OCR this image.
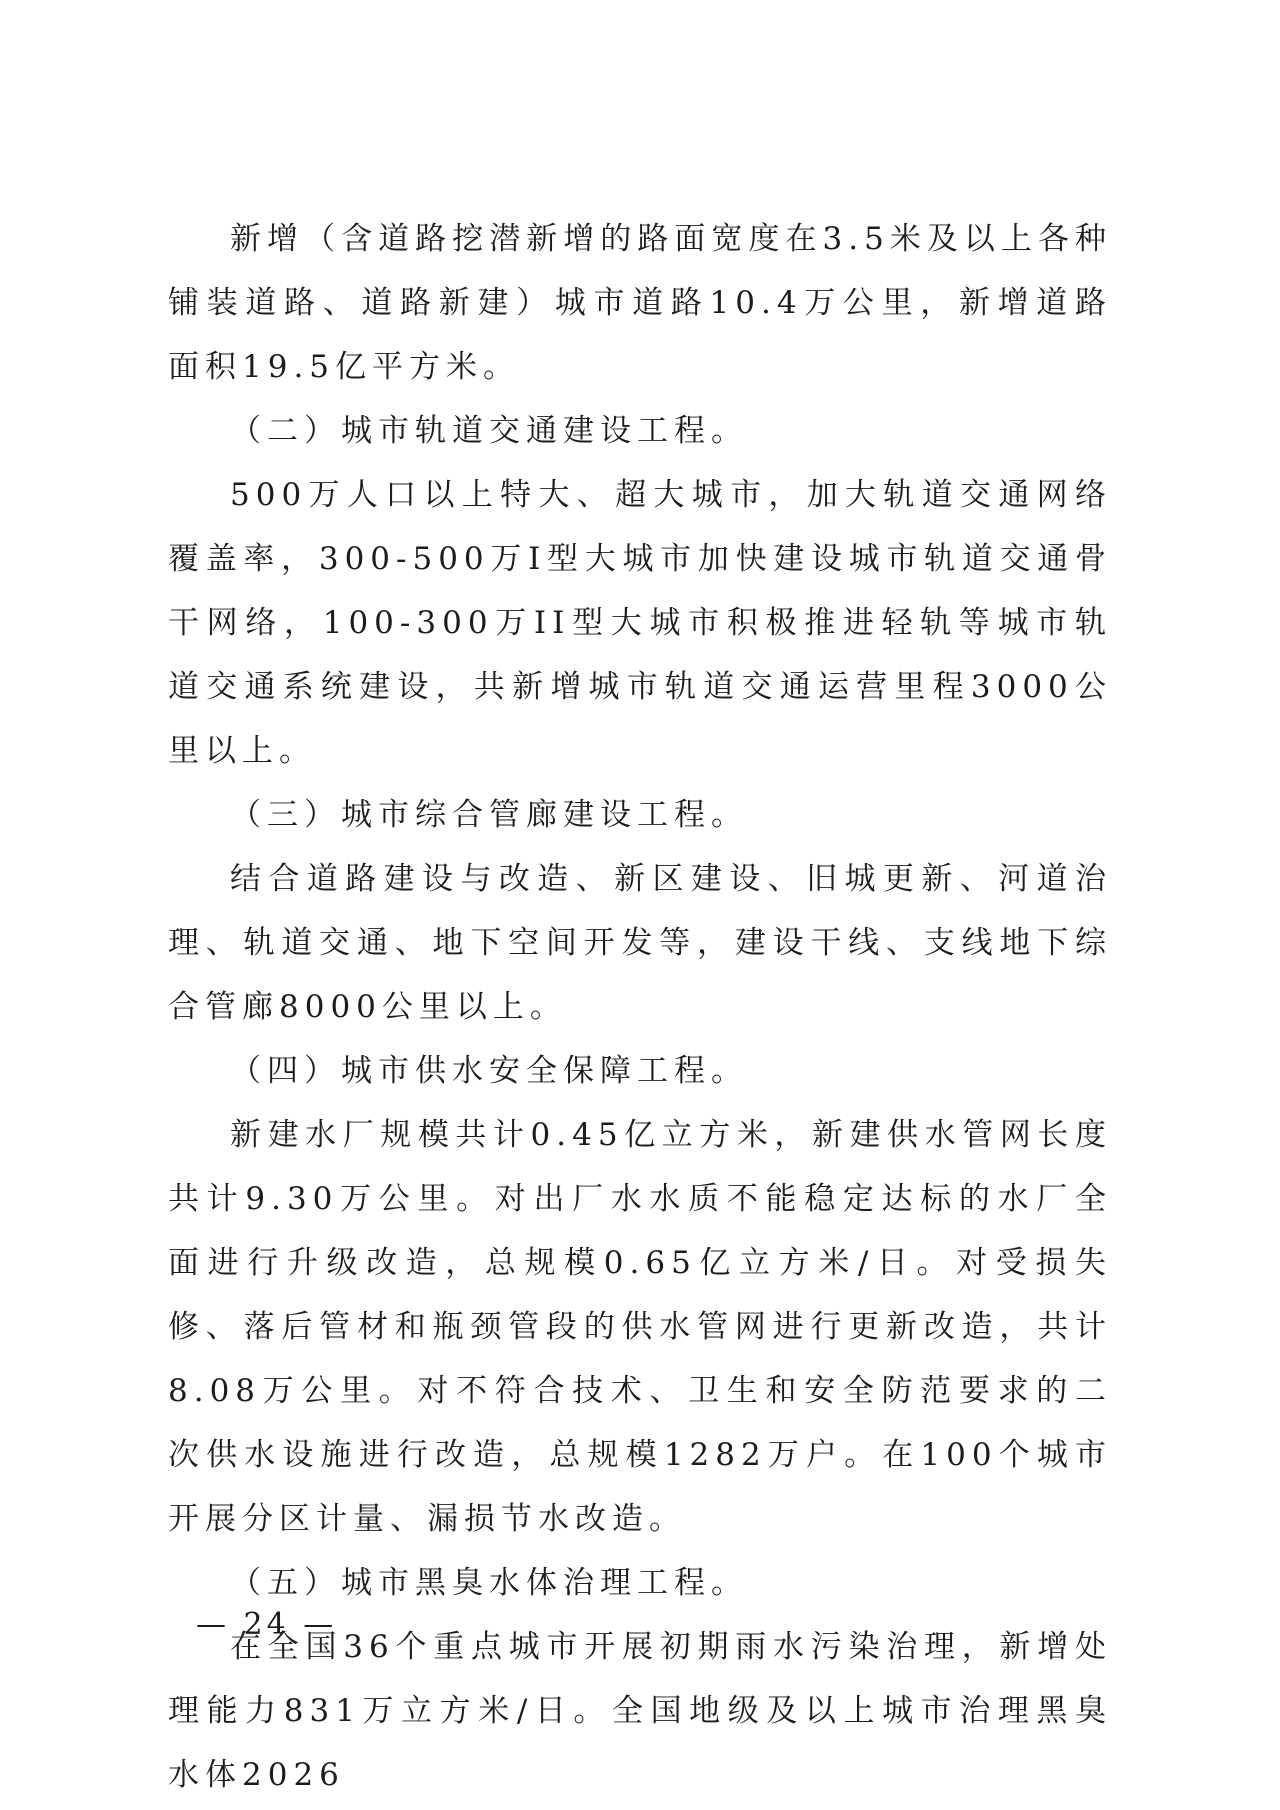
新增（含道路挖潜新增的路面宽度在3.5米及以上各种铺装道路、道路新建）城市道路10.4万公里，新增道路面积19.5亿平方米。

（二）城市轨道交通建设工程。

500万人口以上特大、超大城市，加大轨道交通网络覆盖率，300-500万I型大城市加快建设城市轨道交通骨干网络，100-300万II型大城市积极推进轻轨等城市轨道交通系统建设，共新增城市轨道交通运营里程3000公里以上。

（三）城市综合管廊建设工程。

结合道路建设与改造、新区建设、旧城更新、河道治理、轨道交通、地下空间开发等，建设干线、支线地下综合管廊8000公里以上。

（四）城市供水安全保障工程。

新建水厂规模共计0.45亿立方米，新建供水管网长度共计9.30万公里。对出厂水水质不能稳定达标的水厂全面进行升级改造，总规模0.65亿立方米/日。对受损失修、落后管材和瓶颈管段的供水管网进行更新改造，共计8.08万公里。对不符合技术、卫生和安全防范要求的二次供水设施进行改造，总规模1282万户。在100个城市开展分区计量、漏损节水改造。

（五）城市黑臭水体治理工程。

在全国36个重点城市开展初期雨水污染治理，新增处理能力831万立方米/日。全国地级及以上城市治理黑臭水体2026

— 24 —
